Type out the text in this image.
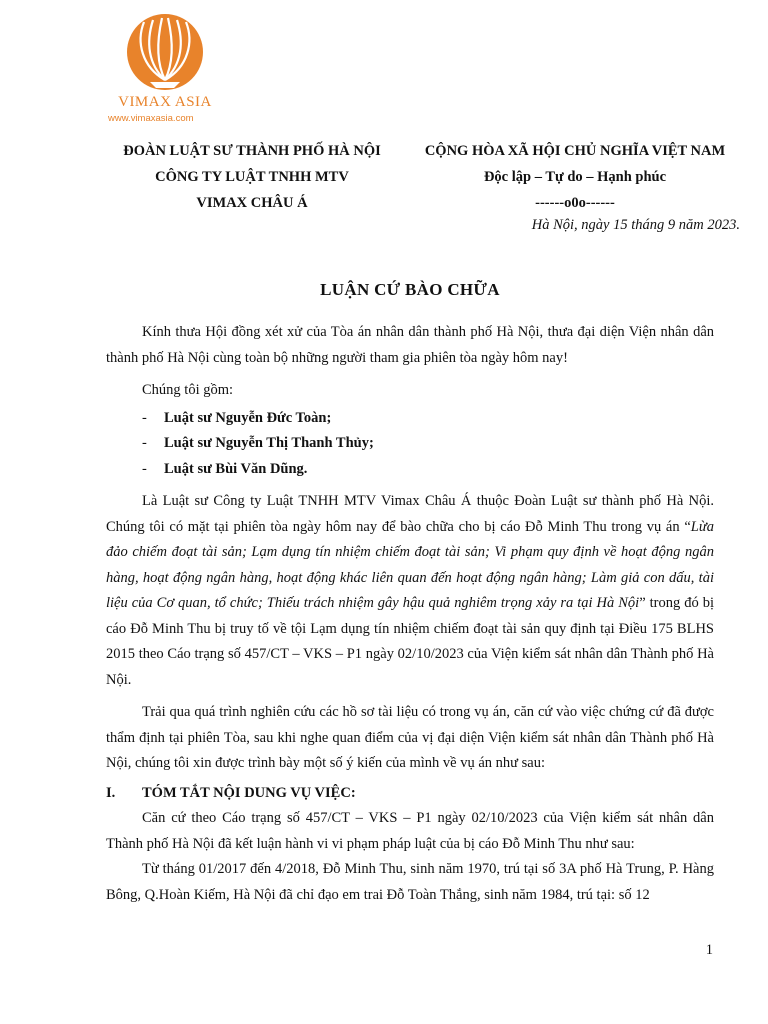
VIMAX ASIA
www.vimaxasia.com
ĐOÀN LUẬT SƯ THÀNH PHỐ HÀ NỘI
CÔNG TY LUẬT TNHH MTV
VIMAX CHÂU Á
CỘNG HÒA XÃ HỘI CHỦ NGHĨA VIỆT NAM
Độc lập – Tự do – Hạnh phúc
------o0o------
Hà Nội, ngày 15 tháng 9 năm 2023.
LUẬN CỨ BÀO CHỮA

Kính thưa Hội đồng xét xử của Tòa án nhân dân thành phố Hà Nội, thưa đại diện Viện nhân dân thành phố Hà Nội cùng toàn bộ những người tham gia phiên tòa ngày hôm nay!

Chúng tôi gồm:

- Luật sư Nguyễn Đức Toàn;
- Luật sư Nguyễn Thị Thanh Thủy;
- Luật sư Bùi Văn Dũng.

Là Luật sư Công ty Luật TNHH MTV Vimax Châu Á thuộc Đoàn Luật sư thành phố Hà Nội. Chúng tôi có mặt tại phiên tòa ngày hôm nay để bào chữa cho bị cáo Đỗ Minh Thu trong vụ án “Lừa đảo chiếm đoạt tài sản; Lạm dụng tín nhiệm chiếm đoạt tài sản; Vi phạm quy định về hoạt động ngân hàng, hoạt động ngân hàng, hoạt động khác liên quan đến hoạt động ngân hàng; Làm giả con dấu, tài liệu của Cơ quan, tổ chức; Thiếu trách nhiệm gây hậu quả nghiêm trọng xảy ra tại Hà Nội” trong đó bị cáo Đỗ Minh Thu bị truy tố về tội Lạm dụng tín nhiệm chiếm đoạt tài sản quy định tại Điều 175 BLHS 2015 theo Cáo trạng số 457/CT – VKS – P1 ngày 02/10/2023 của Viện kiểm sát nhân dân Thành phố Hà Nội.

Trải qua quá trình nghiên cứu các hồ sơ tài liệu có trong vụ án, căn cứ vào việc chứng cứ đã được thẩm định tại phiên Tòa, sau khi nghe quan điểm của vị đại diện Viện kiểm sát nhân dân Thành phố Hà Nội, chúng tôi xin được trình bày một số ý kiến của mình về vụ án như sau:

I. TÓM TẮT NỘI DUNG VỤ VIỆC:

Căn cứ theo Cáo trạng số 457/CT – VKS – P1 ngày 02/10/2023 của Viện kiểm sát nhân dân Thành phố Hà Nội đã kết luận hành vi vi phạm pháp luật của bị cáo Đỗ Minh Thu như sau:

Từ tháng 01/2017 đến 4/2018, Đỗ Minh Thu, sinh năm 1970, trú tại số 3A phố Hà Trung, P. Hàng Bông, Q.Hoàn Kiếm, Hà Nội đã chỉ đạo em trai Đỗ Toàn Thắng, sinh năm 1984, trú tại: số 12

1
